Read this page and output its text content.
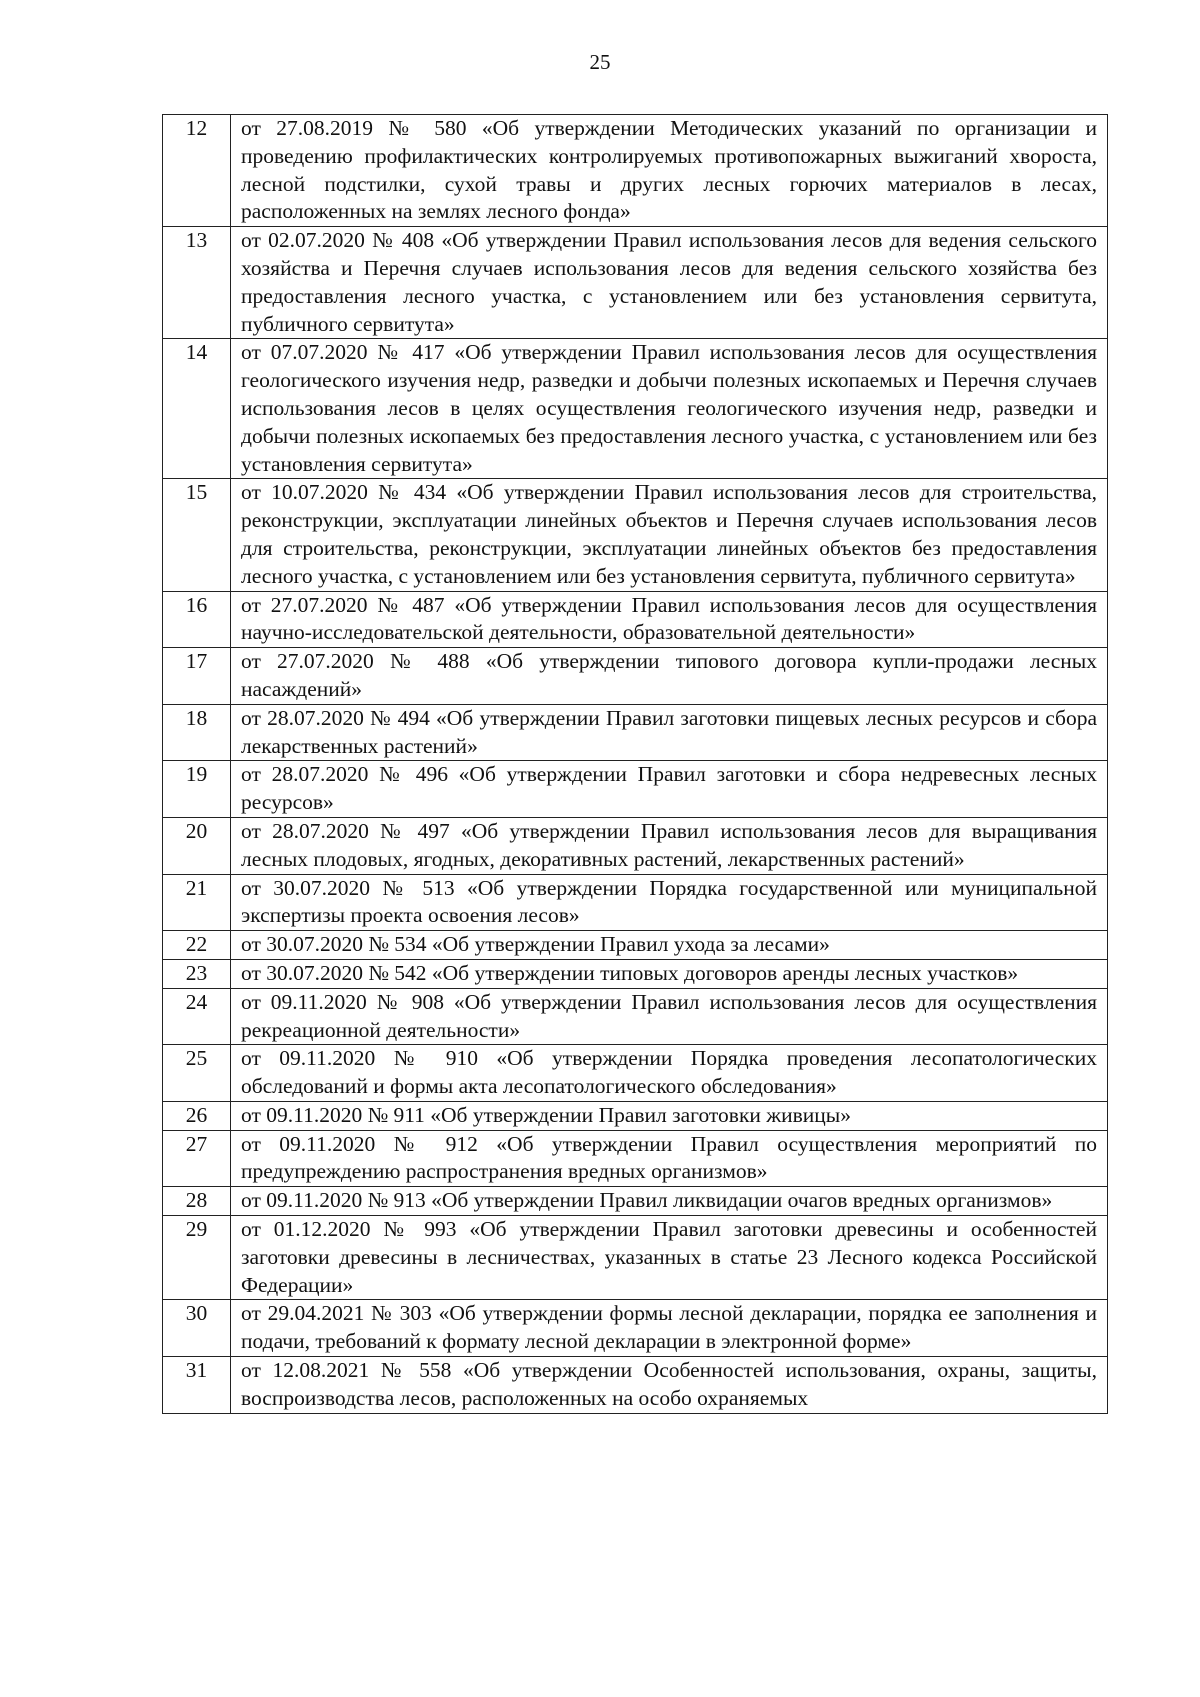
25
12	от 27.08.2019 № 580 «Об утверждении Методических указаний по организации и проведению профилактических контролируемых противопожарных выжиганий хвороста, лесной подстилки, сухой травы и других лесных горючих материалов в лесах, расположенных на землях лесного фонда»
13	от 02.07.2020 № 408 «Об утверждении Правил использования лесов для ведения сельского хозяйства и Перечня случаев использования лесов для ведения сельского хозяйства без предоставления лесного участка, с установлением или без установления сервитута, публичного сервитута»
14	от 07.07.2020 № 417 «Об утверждении Правил использования лесов для осуществления геологического изучения недр, разведки и добычи полезных ископаемых и Перечня случаев использования лесов в целях осуществления геологического изучения недр, разведки и добычи полезных ископаемых без предоставления лесного участка, с установлением или без установления сервитута»
15	от 10.07.2020 № 434 «Об утверждении Правил использования лесов для строительства, реконструкции, эксплуатации линейных объектов и Перечня случаев использования лесов для строительства, реконструкции, эксплуатации линейных объектов без предоставления лесного участка, с установлением или без установления сервитута, публичного сервитута»
16	от 27.07.2020 № 487 «Об утверждении Правил использования лесов для осуществления научно-исследовательской деятельности, образовательной деятельности»
17	от 27.07.2020 № 488 «Об утверждении типового договора купли-продажи лесных насаждений»
18	от 28.07.2020 № 494 «Об утверждении Правил заготовки пищевых лесных ресурсов и сбора лекарственных растений»
19	от 28.07.2020 № 496 «Об утверждении Правил заготовки и сбора недревесных лесных ресурсов»
20	от 28.07.2020 № 497 «Об утверждении Правил использования лесов для выращивания лесных плодовых, ягодных, декоративных растений, лекарственных растений»
21	от 30.07.2020 № 513 «Об утверждении Порядка государственной или муниципальной экспертизы проекта освоения лесов»
22	от 30.07.2020 № 534 «Об утверждении Правил ухода за лесами»
23	от 30.07.2020 № 542 «Об утверждении типовых договоров аренды лесных участков»
24	от 09.11.2020 № 908 «Об утверждении Правил использования лесов для осуществления рекреационной деятельности»
25	от 09.11.2020 № 910 «Об утверждении Порядка проведения лесопатологических обследований и формы акта лесопатологического обследования»
26	от 09.11.2020 № 911 «Об утверждении Правил заготовки живицы»
27	от 09.11.2020 № 912 «Об утверждении Правил осуществления мероприятий по предупреждению распространения вредных организмов»
28	от 09.11.2020 № 913 «Об утверждении Правил ликвидации очагов вредных организмов»
29	от 01.12.2020 № 993 «Об утверждении Правил заготовки древесины и особенностей заготовки древесины в лесничествах, указанных в статье 23 Лесного кодекса Российской Федерации»
30	от 29.04.2021 № 303 «Об утверждении формы лесной декларации, порядка ее заполнения и подачи, требований к формату лесной декларации в электронной форме»
31	от 12.08.2021 № 558 «Об утверждении Особенностей использования, охраны, защиты, воспроизводства лесов, расположенных на особо охраняемых
